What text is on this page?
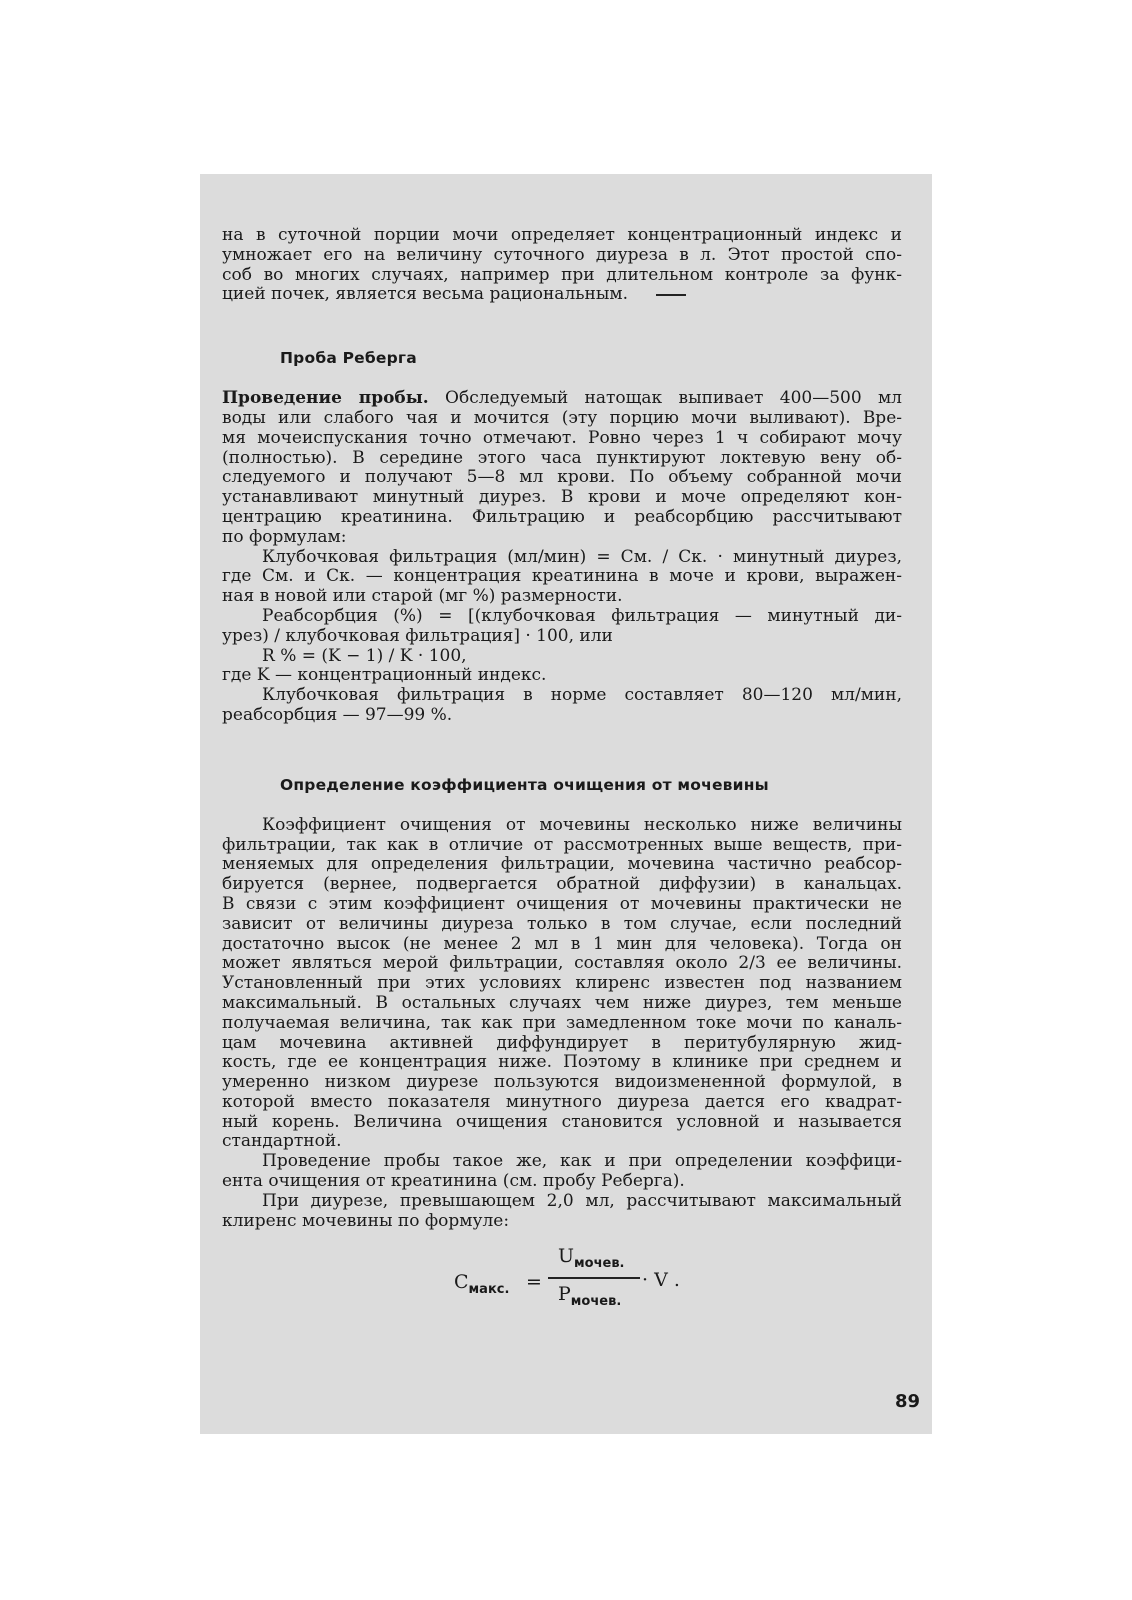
на в суточной порции мочи определяет концентрационный индекс и
умножает его на величину суточного диуреза в л. Этот простой спо-
соб во многих случаях, например при длительном контроле за функ-
цией почек, является весьма рациональным.

Проба Реберга

Проведение пробы. Обследуемый натощак выпивает 400—500 мл
воды или слабого чая и мочится (эту порцию мочи выливают). Вре-
мя мочеиспускания точно отмечают. Ровно через 1 ч собирают мочу
(полностью). В середине этого часа пунктируют локтевую вену об-
следуемого и получают 5—8 мл крови. По объему собранной мочи
устанавливают минутный диурез. В крови и моче определяют кон-
центрацию креатинина. Фильтрацию и реабсорбцию рассчитывают
по формулам:

Клубочковая фильтрация (мл/мин) = Cм. / Cк. · минутный диурез,
где Cм. и Cк. — концентрация креатинина в моче и крови, выражен-
ная в новой или старой (мг %) размерности.

Реабсорбция (%) = [(клубочковая фильтрация — минутный ди-
урез) / клубочковая фильтрация] · 100, или
R % = (K − 1) / K · 100,
где K — концентрационный индекс.

Клубочковая фильтрация в норме составляет 80—120 мл/мин,
реабсорбция — 97—99 %.

Определение коэффициента очищения от мочевины

Коэффициент очищения от мочевины несколько ниже величины
фильтрации, так как в отличие от рассмотренных выше веществ, при-
меняемых для определения фильтрации, мочевина частично реабсор-
бируется (вернее, подвергается обратной диффузии) в канальцах.
В связи с этим коэффициент очищения от мочевины практически не
зависит от величины диуреза только в том случае, если последний
достаточно высок (не менее 2 мл в 1 мин для человека). Тогда он
может являться мерой фильтрации, составляя около 2/3 ее величины.
Установленный при этих условиях клиренс известен под названием
максимальный. В остальных случаях чем ниже диурез, тем меньше
получаемая величина, так как при замедленном токе мочи по каналь-
цам мочевина активней диффундирует в перитубулярную жид-
кость, где ее концентрация ниже. Поэтому в клинике при среднем и
умеренно низком диурезе пользуются видоизмененной формулой, в
которой вместо показателя минутного диуреза дается его квадрат-
ный корень. Величина очищения становится условной и называется
стандартной.

Проведение пробы такое же, как и при определении коэффици-
ента очищения от креатинина (см. пробу Реберга).

При диурезе, превышающем 2,0 мл, рассчитывают максимальный
клиренс мочевины по формуле:

$C_{макс.}$ =
$U_{мочев.}$
$P_{мочев.}$
· V .
89
